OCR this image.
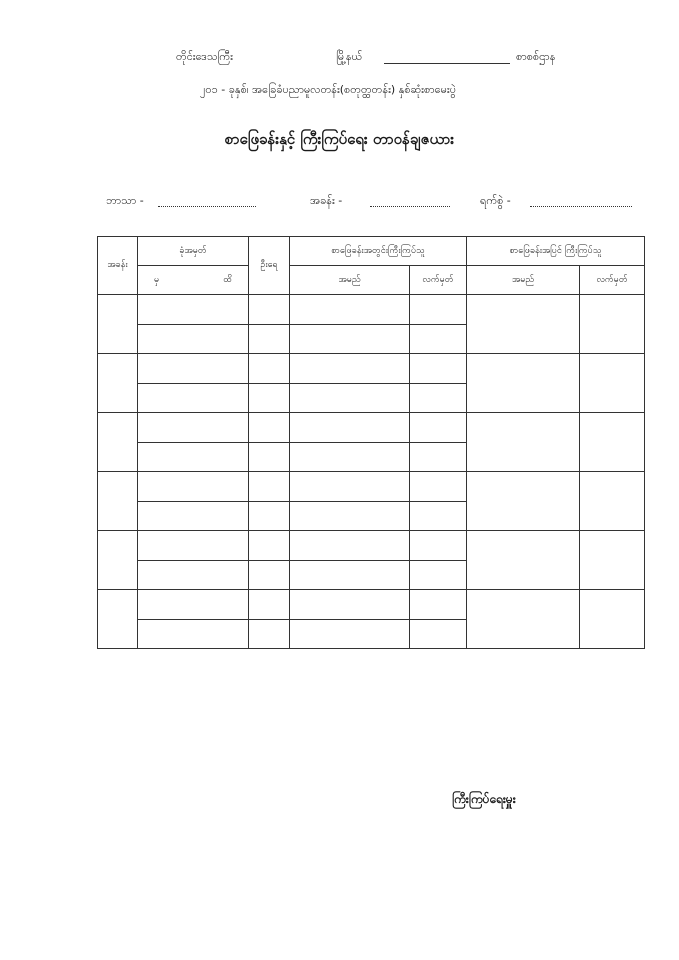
တိုင်းဒေသကြီး	မြို့နယ်	စာစစ်ဌာန
၂၀၁ - ခုနှစ်၊ အခြေခံပညာမူလတန်း(စတုတ္ထတန်း) နှစ်ဆုံးစာမေးပွဲ
စာဖြေခန်းနှင့် ကြီးကြပ်ရေး တာဝန်ချဇယား
ဘာသာ -	အခန်း -	ရက်စွဲ -
အခန်း	ခုံအမှတ်	ဦးရေ	စာဖြေခန်းအတွင်းကြီးကြပ်သူ		စာဖြေခန်းအပြင် ကြီးကြပ်သူ	

	မှ ထိ		အမည်	လက်မှတ်	အမည်	လက်မှတ်

ကြီးကြပ်ရေးမှူး
